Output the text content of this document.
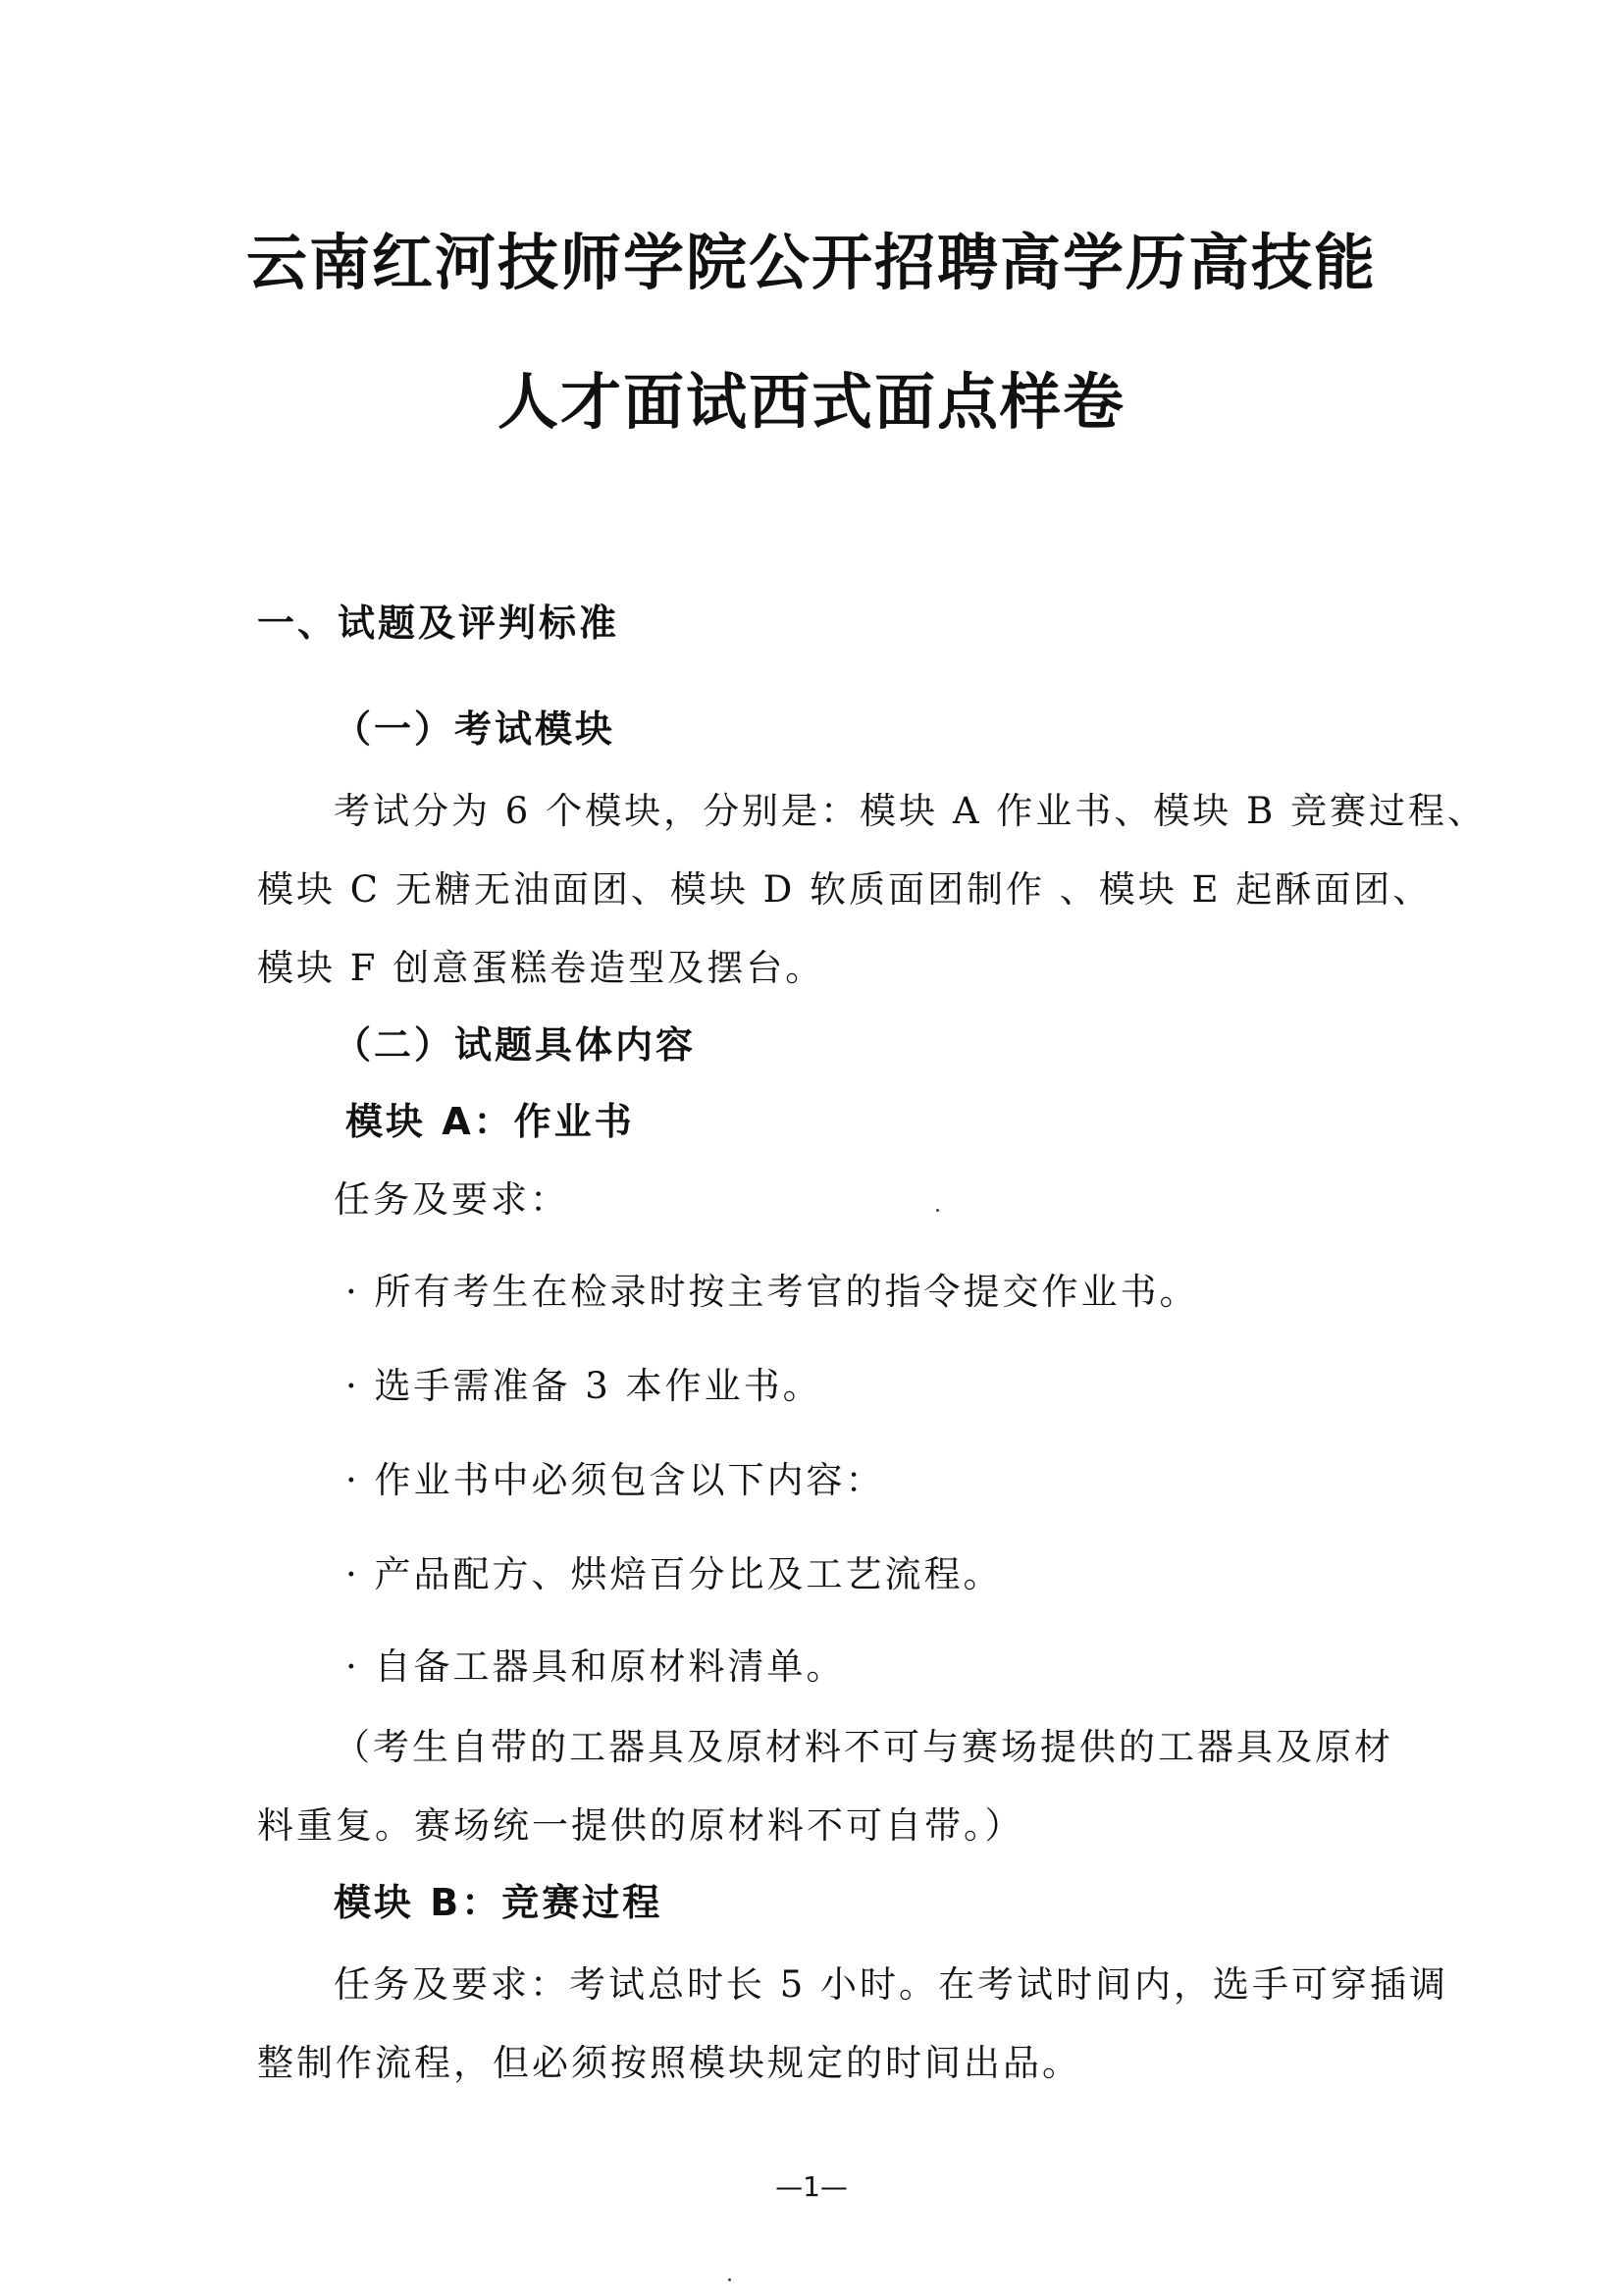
云南红河技师学院公开招聘高学历高技能
人才面试西式面点样卷
一、试题及评判标准
（一）考试模块
考试分为 6 个模块，分别是：模块 A 作业书、模块 B 竞赛过程、
模块 C 无糖无油面团、模块 D 软质面团制作 、模块 E 起酥面团、
模块 F 创意蛋糕卷造型及摆台。
（二）试题具体内容
模块 A：作业书
任务及要求：
· 所有考生在检录时按主考官的指令提交作业书。
· 选手需准备 3 本作业书。
· 作业书中必须包含以下内容：
· 产品配方、烘焙百分比及工艺流程。
· 自备工器具和原材料清单。
（考生自带的工器具及原材料不可与赛场提供的工器具及原材
料重复。赛场统一提供的原材料不可自带。）
模块 B：竞赛过程
任务及要求：考试总时长 5 小时。在考试时间内，选手可穿插调
整制作流程，但必须按照模块规定的时间出品。
—1—
